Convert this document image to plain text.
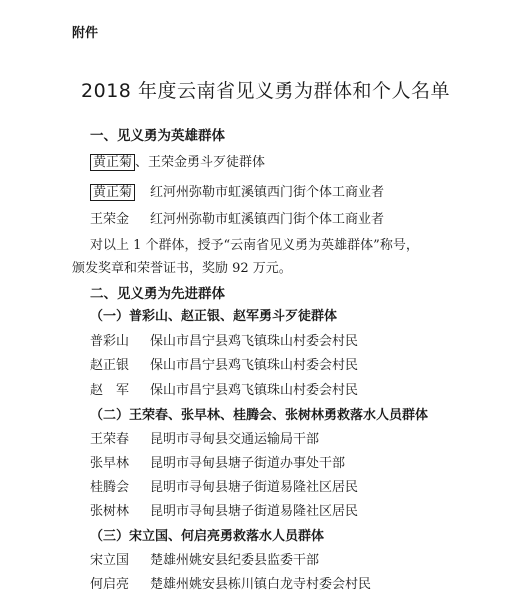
附件
2018 年度云南省见义勇为群体和个人名单
一、见义勇为英雄群体
黄正菊 、王荣金勇斗歹徒群体
黄正菊 红河州弥勒市虹溪镇西门街个体工商业者
王荣金 红河州弥勒市虹溪镇西门街个体工商业者
对以上 1 个群体，授予“云南省见义勇为英雄群体”称号，
颁发奖章和荣誉证书，奖励 92 万元。
二、见义勇为先进群体
（一）普彩山、赵正银、赵军勇斗歹徒群体
普彩山 保山市昌宁县鸡飞镇珠山村委会村民
赵正银 保山市昌宁县鸡飞镇珠山村委会村民
赵　军 保山市昌宁县鸡飞镇珠山村委会村民
（二）王荣春、张早林、桂腾会、张树林勇救落水人员群体
王荣春 昆明市寻甸县交通运输局干部
张早林 昆明市寻甸县塘子街道办事处干部
桂腾会 昆明市寻甸县塘子街道易隆社区居民
张树林 昆明市寻甸县塘子街道易隆社区居民
（三）宋立国、何启亮勇救落水人员群体
宋立国 楚雄州姚安县纪委县监委干部
何启亮 楚雄州姚安县栋川镇白龙寺村委会村民
